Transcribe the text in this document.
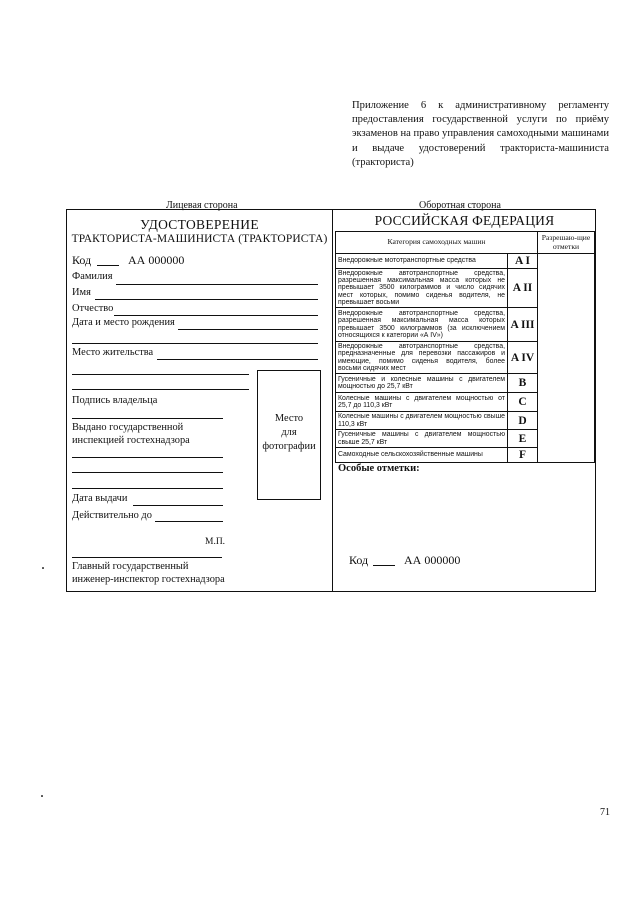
Приложение 6 к административному регламенту
предоставления государственной услуги по приёму
экзаменов на право управления самоходными машинами
и выдаче удостоверений тракториста-машиниста
(тракториста)
Лицевая сторона	Оборотная сторона
УДОСТОВЕРЕНИЕ
ТРАКТОРИСТА-МАШИНИСТА (ТРАКТОРИСТА)
Код	АА 000000
Фамилия
Имя
Отчество
Дата и место рождения
Место жительства
Подпись владельца
Выдано государственной
инспекцией гостехнадзора
Дата выдачи
Действительно до
Место
для
фотографии
М.П.
Главный государственный
инженер-инспектор гостехнадзора
РОССИЙСКАЯ ФЕДЕРАЦИЯ
Категория самоходных машин		Разрешаю-щие отметки
Внедорожные мототранспортные средства	A I	
Внедорожные автотранспортные средства, разрешенная максимальная масса которых не превышает 3500 килограммов и число сидячих мест которых, помимо сиденья водителя, не превышает восьми	A II	
Внедорожные автотранспортные средства, разрешенная максимальная масса которых превышает 3500 килограммов (за исключением относящихся к категории «А IV»)	A III	
Внедорожные автотранспортные средства, предназначенные для перевозки пассажиров и имеющие, помимо сиденья водителя, более восьми сидячих мест	A IV	
Гусеничные и колесные машины с двигателем мощностью до 25,7 кВт	B	
Колесные машины с двигателем мощностью от 25,7 до 110,3 кВт	C	
Колесные машины с двигателем мощностью свыше 110,3 кВт	D	
Гусеничные машины с двигателем мощностью свыше 25,7 кВт	E	
Самоходные сельскохозяйственные машины	F	
Особые отметки:
Код	АА 000000
71
